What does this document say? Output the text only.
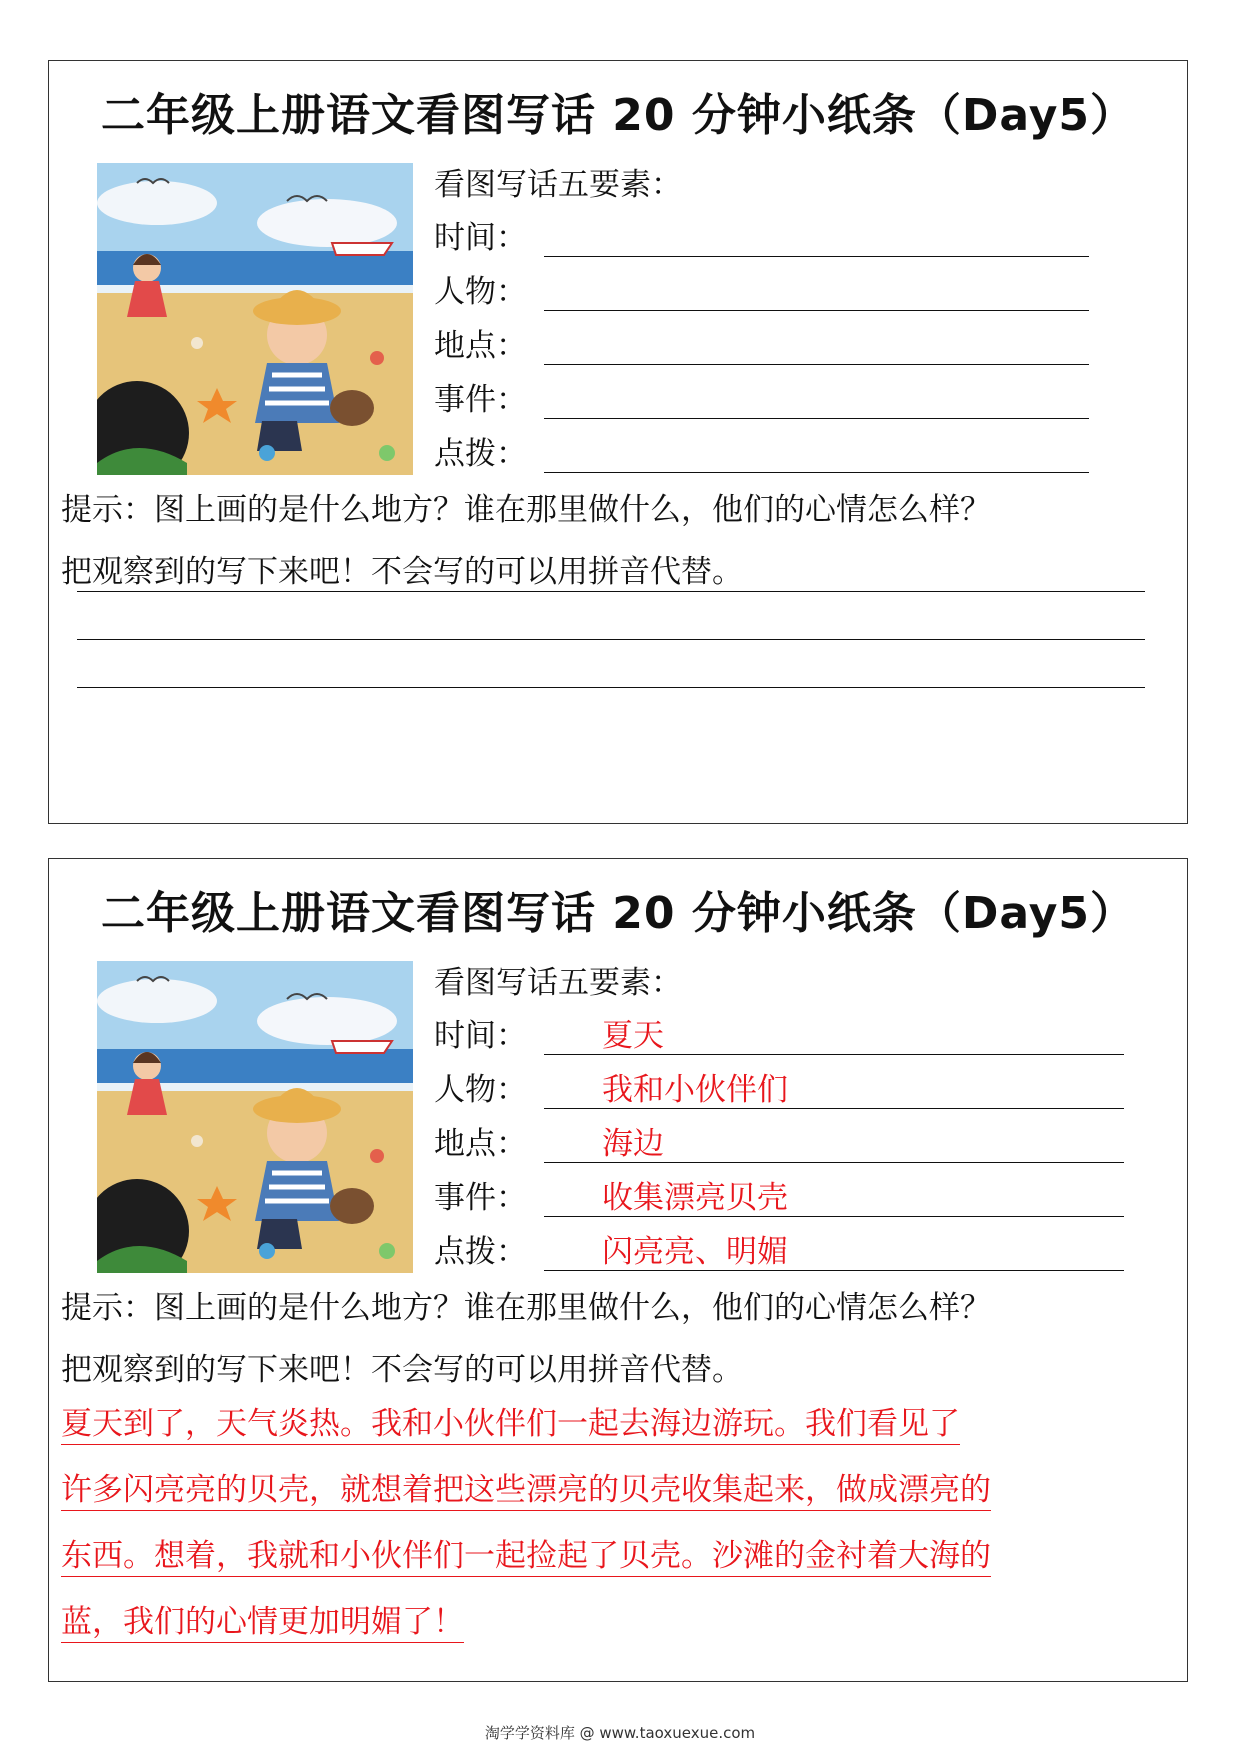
二年级上册语文看图写话 20 分钟小纸条（Day5）
看图写话五要素：
时间：
人物：
地点：
事件：
点拨：
提示：图上画的是什么地方？谁在那里做什么，他们的心情怎么样？
把观察到的写下来吧！不会写的可以用拼音代替。
二年级上册语文看图写话 20 分钟小纸条（Day5）
看图写话五要素：
时间： 夏天
人物： 我和小伙伴们
地点： 海边
事件： 收集漂亮贝壳
点拨： 闪亮亮、明媚
提示：图上画的是什么地方？谁在那里做什么，他们的心情怎么样？
把观察到的写下来吧！不会写的可以用拼音代替。
夏天到了，天气炎热。我和小伙伴们一起去海边游玩。我们看见了
许多闪亮亮的贝壳，就想着把这些漂亮的贝壳收集起来，做成漂亮的
东西。想着，我就和小伙伴们一起捡起了贝壳。沙滩的金衬着大海的
蓝，我们的心情更加明媚了！
淘学学资料库 @ www.taoxuexue.com
